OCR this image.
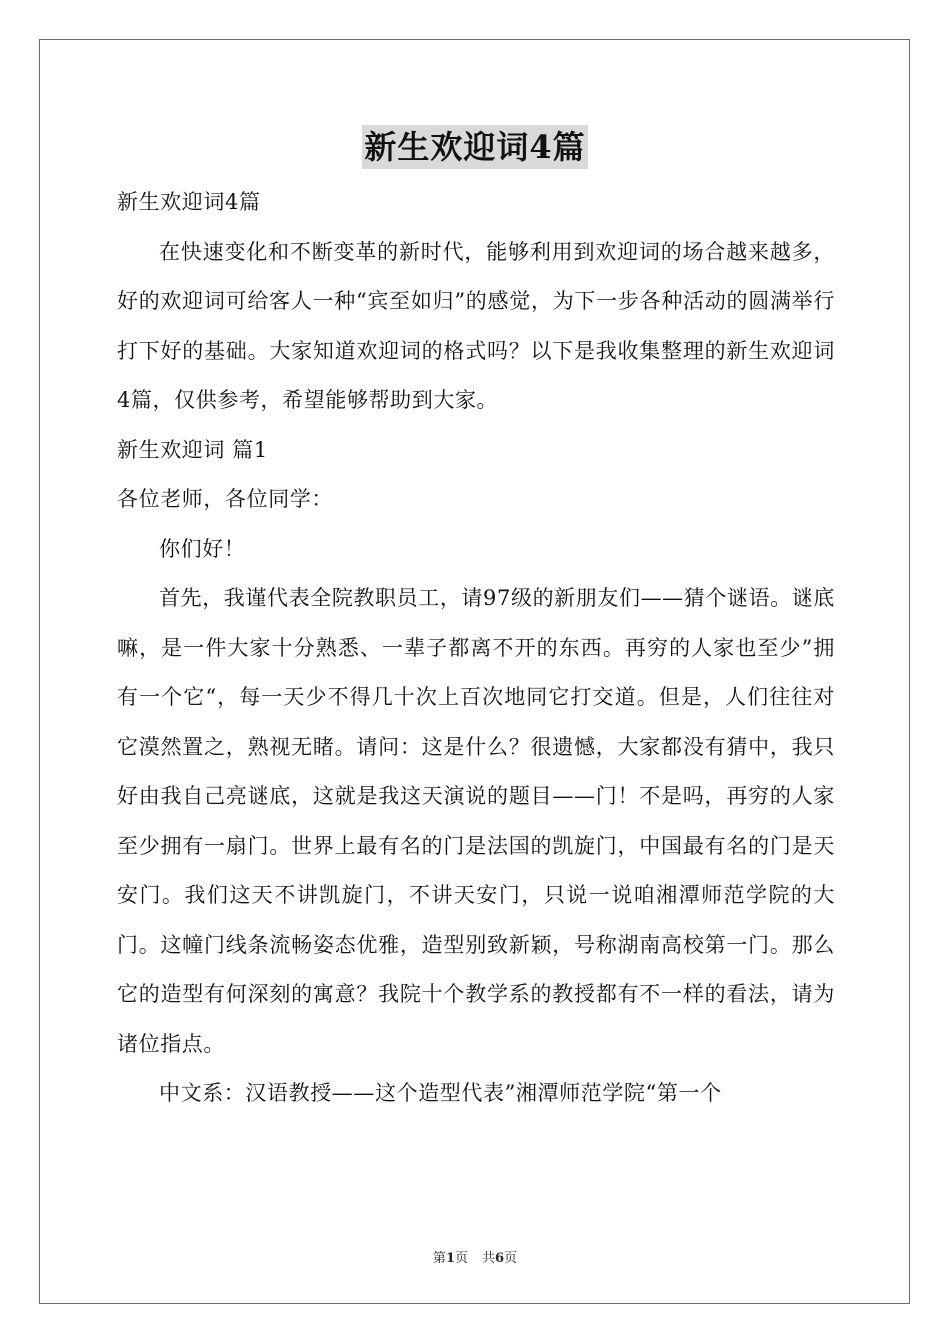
新生欢迎词4篇

新生欢迎词4篇

在快速变化和不断变革的新时代，能够利用到欢迎词的场合越来越多，好的欢迎词可给客人一种“宾至如归”的感觉，为下一步各种活动的圆满举行打下好的基础。大家知道欢迎词的格式吗？以下是我收集整理的新生欢迎词4篇，仅供参考，希望能够帮助到大家。

新生欢迎词 篇1

各位老师，各位同学：

你们好！

首先，我谨代表全院教职员工，请97级的新朋友们——猜个谜语。谜底嘛，是一件大家十分熟悉、一辈子都离不开的东西。再穷的人家也至少”拥有一个它“，每一天少不得几十次上百次地同它打交道。但是，人们往往对它漠然置之，熟视无睹。请问：这是什么？很遗憾，大家都没有猜中，我只好由我自己亮谜底，这就是我这天演说的题目——门！不是吗，再穷的人家至少拥有一扇门。世界上最有名的门是法国的凯旋门，中国最有名的门是天安门。我们这天不讲凯旋门，不讲天安门，只说一说咱湘潭师范学院的大门。这幢门线条流畅姿态优雅，造型别致新颖，号称湖南高校第一门。那么它的造型有何深刻的寓意？我院十个教学系的教授都有不一样的看法，请为诸位指点。

中文系：汉语教授——这个造型代表”湘潭师范学院“第一个

第1页 共6页
